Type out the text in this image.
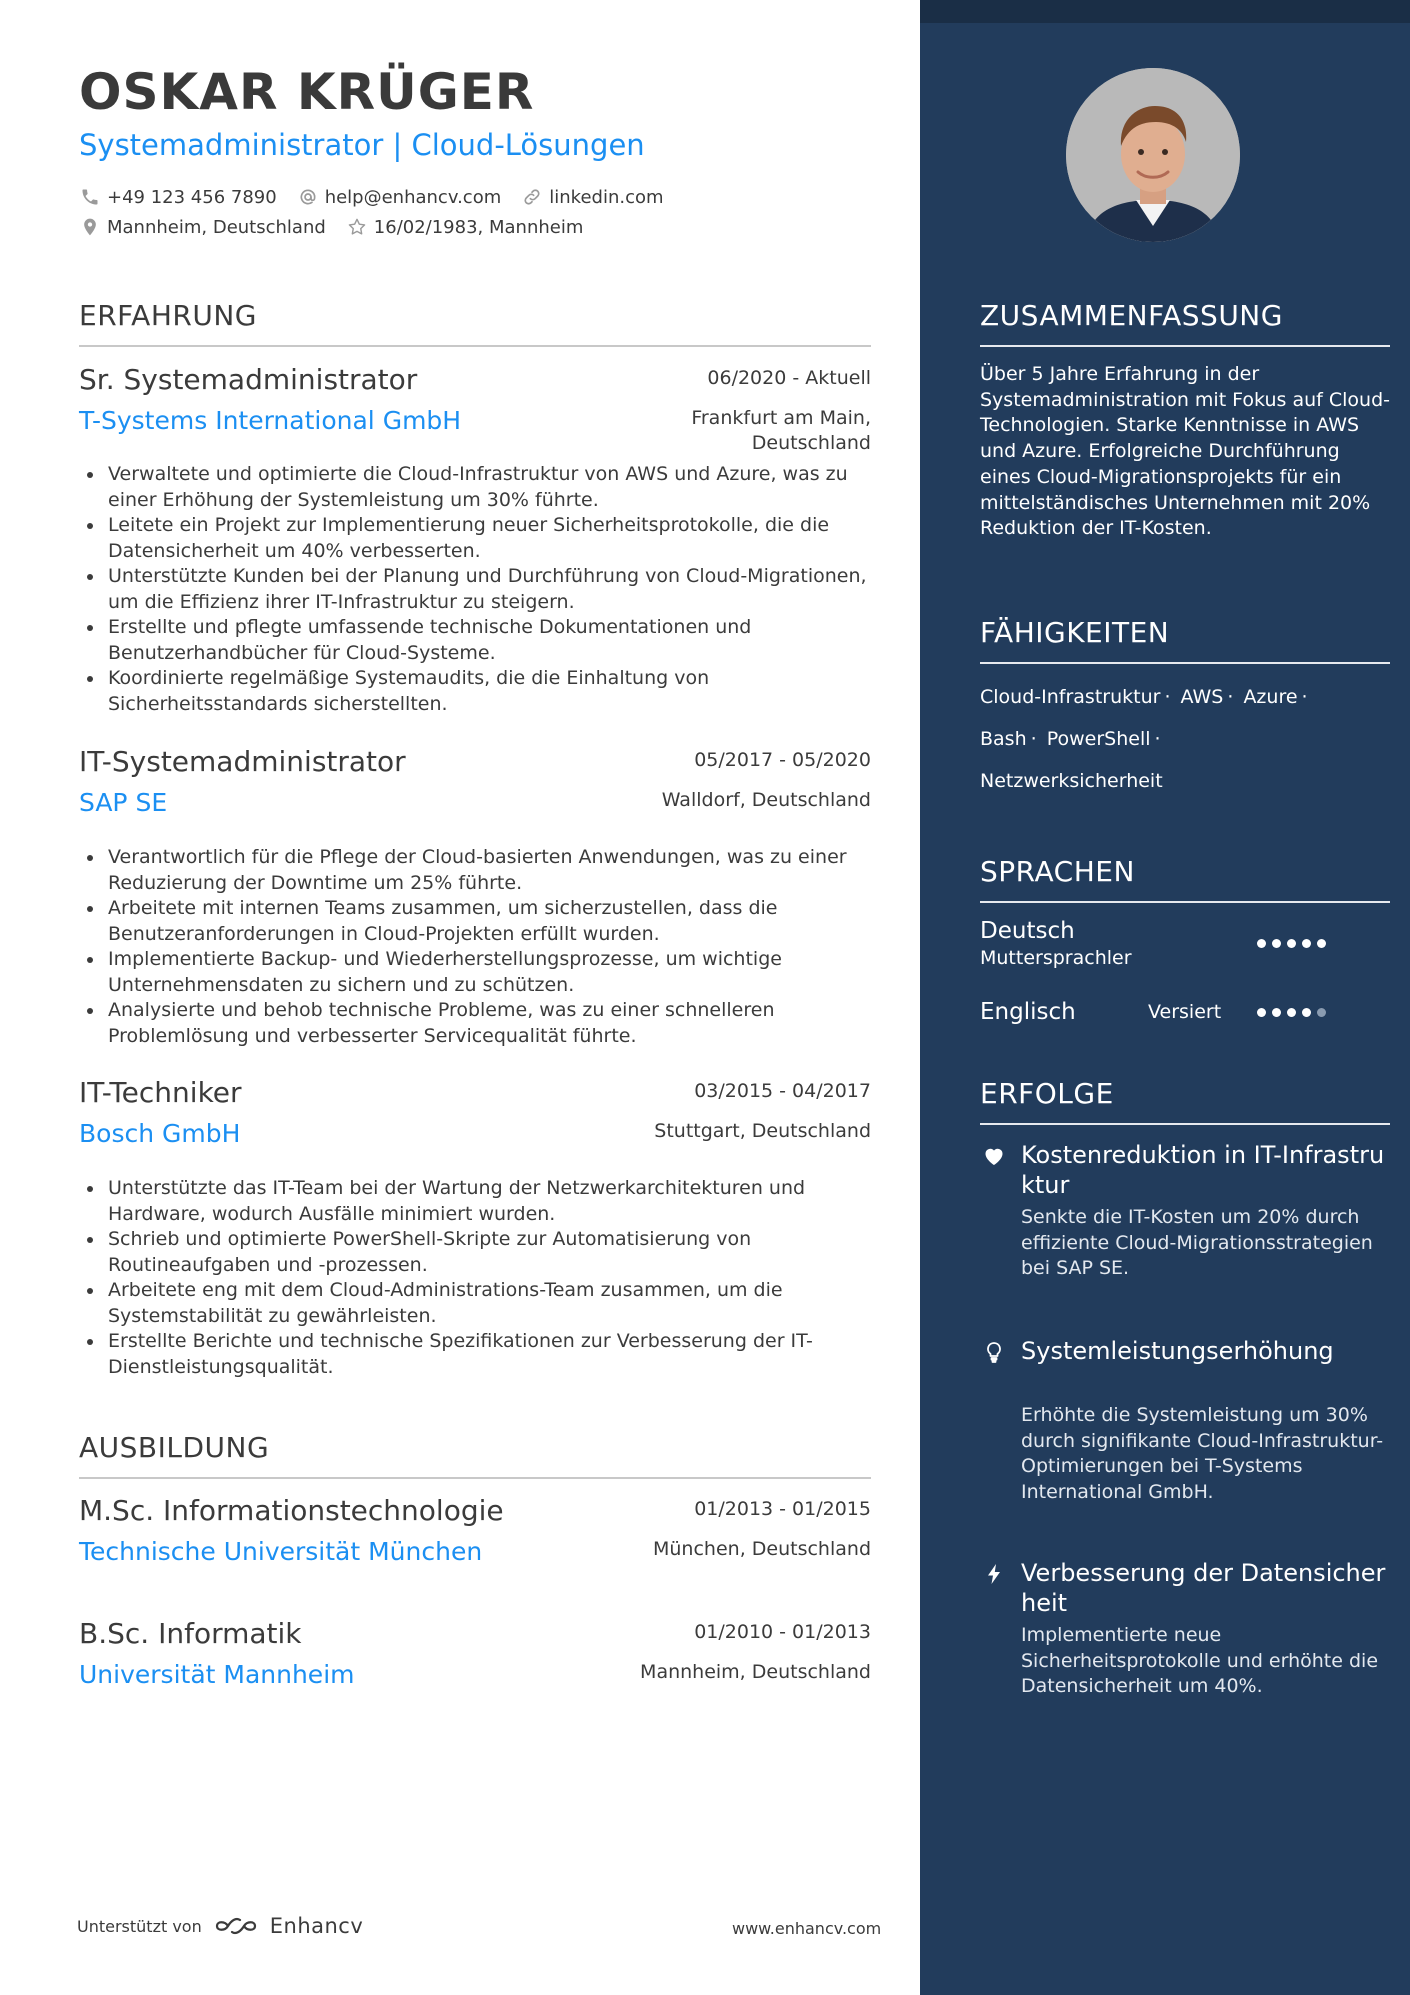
OSKAR KRÜGER
Systemadministrator | Cloud-Lösungen
+49 123 456 7890	help@enhancv.com	linkedin.com
Mannheim, Deutschland	16/02/1983, Mannheim
ERFAHRUNG
Sr. Systemadministrator	06/2020 - Aktuell
T-Systems International GmbH	Frankfurt am Main, Deutschland
Verwaltete und optimierte die Cloud-Infrastruktur von AWS und Azure, was zu einer Erhöhung der Systemleistung um 30% führte.
Leitete ein Projekt zur Implementierung neuer Sicherheitsprotokolle, die die Datensicherheit um 40% verbesserten.
Unterstützte Kunden bei der Planung und Durchführung von Cloud-Migrationen, um die Effizienz ihrer IT-Infrastruktur zu steigern.
Erstellte und pflegte umfassende technische Dokumentationen und Benutzerhandbücher für Cloud-Systeme.
Koordinierte regelmäßige Systemaudits, die die Einhaltung von Sicherheitsstandards sicherstellten.
IT-Systemadministrator	05/2017 - 05/2020
SAP SE	Walldorf, Deutschland
Verantwortlich für die Pflege der Cloud-basierten Anwendungen, was zu einer Reduzierung der Downtime um 25% führte.
Arbeitete mit internen Teams zusammen, um sicherzustellen, dass die Benutzeranforderungen in Cloud-Projekten erfüllt wurden.
Implementierte Backup- und Wiederherstellungsprozesse, um wichtige Unternehmensdaten zu sichern und zu schützen.
Analysierte und behob technische Probleme, was zu einer schnelleren Problemlösung und verbesserter Servicequalität führte.
IT-Techniker	03/2015 - 04/2017
Bosch GmbH	Stuttgart, Deutschland
Unterstützte das IT-Team bei der Wartung der Netzwerkarchitekturen und Hardware, wodurch Ausfälle minimiert wurden.
Schrieb und optimierte PowerShell-Skripte zur Automatisierung von Routineaufgaben und -prozessen.
Arbeitete eng mit dem Cloud-Administrations-Team zusammen, um die Systemstabilität zu gewährleisten.
Erstellte Berichte und technische Spezifikationen zur Verbesserung der IT-Dienstleistungsqualität.
AUSBILDUNG
M.Sc. Informationstechnologie	01/2013 - 01/2015
Technische Universität München	München, Deutschland
B.Sc. Informatik	01/2010 - 01/2013
Universität Mannheim	Mannheim, Deutschland
Unterstützt von	Enhancv	www.enhancv.com
ZUSAMMENFASSUNG
Über 5 Jahre Erfahrung in der Systemadministration mit Fokus auf Cloud-Technologien. Starke Kenntnisse in AWS und Azure. Erfolgreiche Durchführung eines Cloud-Migrationsprojekts für ein mittelständisches Unternehmen mit 20% Reduktion der IT-Kosten.
FÄHIGKEITEN
Cloud-Infrastruktur · AWS · Azure ·
Bash · PowerShell ·
Netzwerksicherheit
SPRACHEN
Deutsch
Muttersprachler
Englisch	Versiert
ERFOLGE
Kostenreduktion in IT-Infrastruktur
Senkte die IT-Kosten um 20% durch effiziente Cloud-Migrationsstrategien bei SAP SE.
Systemleistungserhöhung
Erhöhte die Systemleistung um 30% durch signifikante Cloud-Infrastruktur-Optimierungen bei T-Systems International GmbH.
Verbesserung der Datensicherheit
Implementierte neue Sicherheitsprotokolle und erhöhte die Datensicherheit um 40%.
